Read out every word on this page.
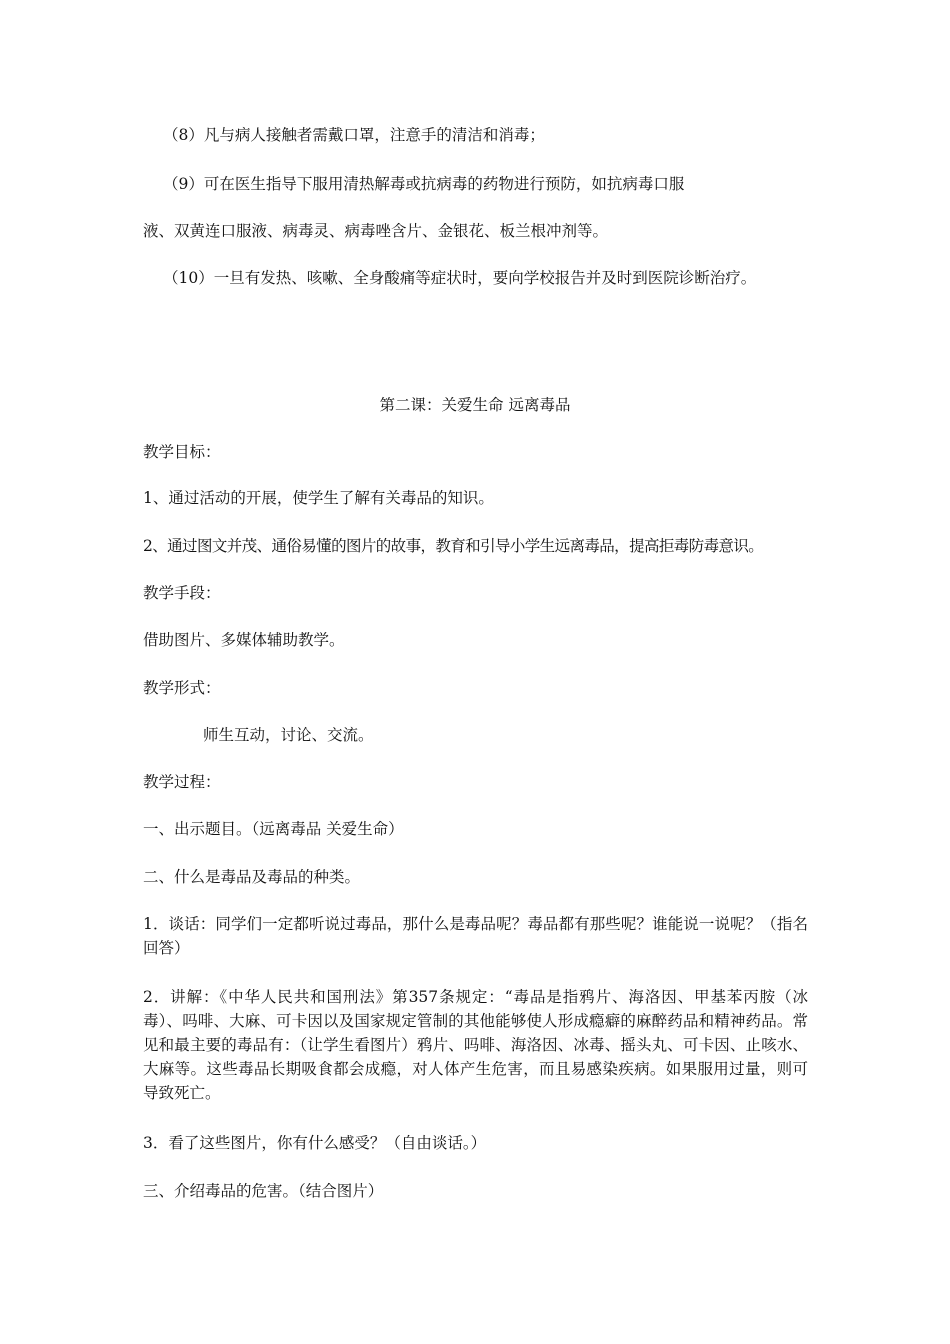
（8）凡与病人接触者需戴口罩，注意手的清洁和消毒；

（9）可在医生指导下服用清热解毒或抗病毒的药物进行预防，如抗病毒口服

液、双黄连口服液、病毒灵、病毒唑含片、金银花、板兰根冲剂等。

（10）一旦有发热、咳嗽、全身酸痛等症状时，要向学校报告并及时到医院诊断治疗。

第二课：关爱生命 远离毒品

教学目标：

1、通过活动的开展，使学生了解有关毒品的知识。

2、通过图文并茂、通俗易懂的图片的故事，教育和引导小学生远离毒品，提高拒毒防毒意识。

教学手段：

借助图片、多媒体辅助教学。

教学形式：

师生互动，讨论、交流。

教学过程：

一、出示题目。（远离毒品 关爱生命）

二、什么是毒品及毒品的种类。

1．谈话：同学们一定都听说过毒品，那什么是毒品呢？毒品都有那些呢？谁能说一说呢？（指名回答）

2．讲解：《中华人民共和国刑法》第357条规定：“毒品是指鸦片、海洛因、甲基苯丙胺（冰毒）、吗啡、大麻、可卡因以及国家规定管制的其他能够使人形成瘾癖的麻醉药品和精神药品。常见和最主要的毒品有：（让学生看图片）鸦片、吗啡、海洛因、冰毒、摇头丸、可卡因、止咳水、大麻等。这些毒品长期吸食都会成瘾，对人体产生危害，而且易感染疾病。如果服用过量，则可导致死亡。

3．看了这些图片，你有什么感受？（自由谈话。）

三、介绍毒品的危害。（结合图片）
